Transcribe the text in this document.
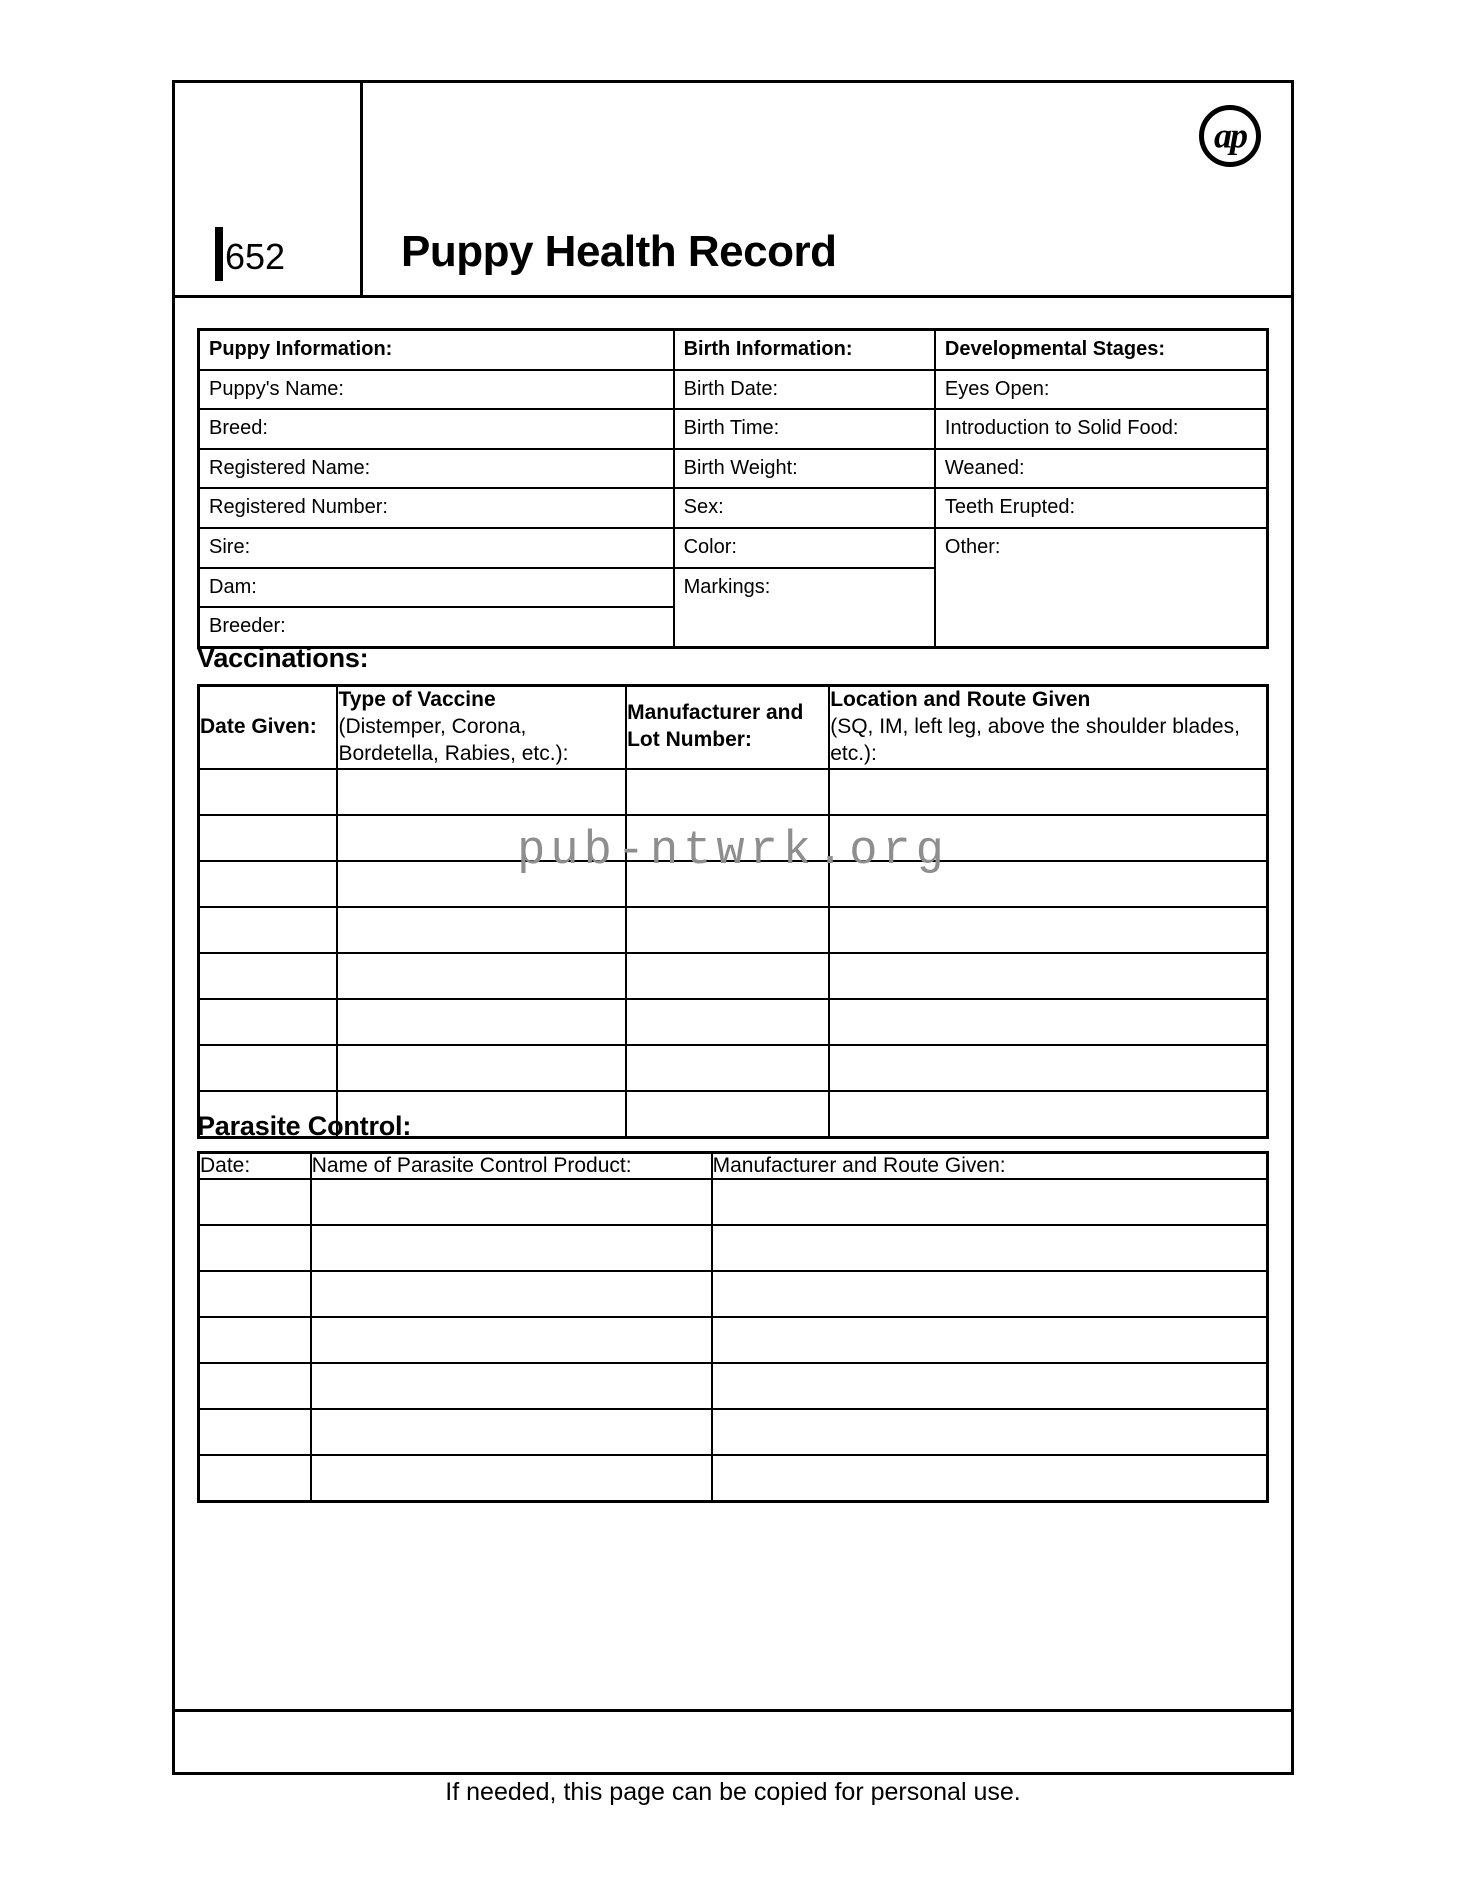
652	Puppy Health Record
ap
Puppy Information:	Birth Information:	Developmental Stages:

Puppy's Name:	Birth Date:	Eyes Open:

Breed:	Birth Time:	Introduction to Solid Food:

Registered Name:	Birth Weight:	Weaned:

Registered Number:	Sex:	Teeth Erupted:

Sire:	Color:	Other:

Dam:	Markings:	

Breeder:		
Vaccinations:
Date Given:	Type of Vaccine
(Distemper, Corona, Bordetella, Rabies, etc.):	Manufacturer and Lot Number:	Location and Route Given
(SQ, IM, left leg, above the shoulder blades, etc.):

pub-ntwrk.org
Parasite Control:
Date:	Name of Parasite Control Product:	Manufacturer and Route Given:

If needed, this page can be copied for personal use.
